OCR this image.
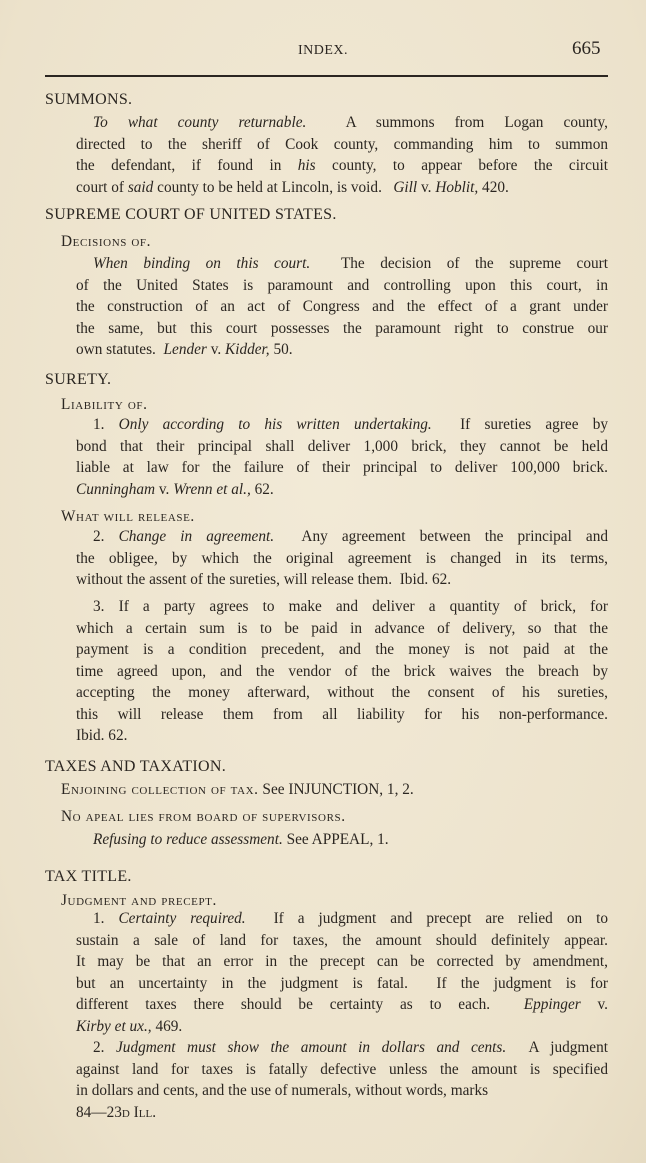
INDEX.	665
SUMMONS.
To what county returnable.  A summons from Logan county,
directed to the sheriff of Cook county, commanding him to summon
the defendant, if found in his county, to appear before the circuit
court of said county to be held at Lincoln, is void.   Gill v. Hoblit, 420.
SUPREME COURT OF UNITED STATES.
Decisions of.
When binding on this court.  The decision of the supreme court
of the United States is paramount and controlling upon this court, in
the construction of an act of Congress and the effect of a grant under
the same, but this court possesses the paramount right to construe our
own statutes.  Lender v. Kidder, 50.
SURETY.
Liability of.
1. Only according to his written undertaking.  If sureties agree by
bond that their principal shall deliver 1,000 brick, they cannot be held
liable at law for the failure of their principal to deliver 100,000 brick.
Cunningham v. Wrenn et al., 62.
What will release.
2. Change in agreement.  Any agreement between the principal and
the obligee, by which the original agreement is changed in its terms,
without the assent of the sureties, will release them.  Ibid. 62.
3. If a party agrees to make and deliver a quantity of brick, for
which a certain sum is to be paid in advance of delivery, so that the
payment is a condition precedent, and the money is not paid at the
time agreed upon, and the vendor of the brick waives the breach by
accepting the money afterward, without the consent of his sureties,
this will release them from all liability for his non-performance.
Ibid. 62.
TAXES AND TAXATION.
Enjoining collection of tax. See INJUNCTION, 1, 2.
No apeal lies from board of supervisors.
Refusing to reduce assessment. See APPEAL, 1.
TAX TITLE.
Judgment and precept.
1. Certainty required.  If a judgment and precept are relied on to
sustain a sale of land for taxes, the amount should definitely appear.
It may be that an error in the precept can be corrected by amendment,
but an uncertainty in the judgment is fatal.  If the judgment is for
different taxes there should be certainty as to each.  Eppinger v.
Kirby et ux., 469.
2. Judgment must show the amount in dollars and cents.  A judgment
against land for taxes is fatally defective unless the amount is specified
in dollars and cents, and the use of numerals, without words, marks
84—23d Ill.
